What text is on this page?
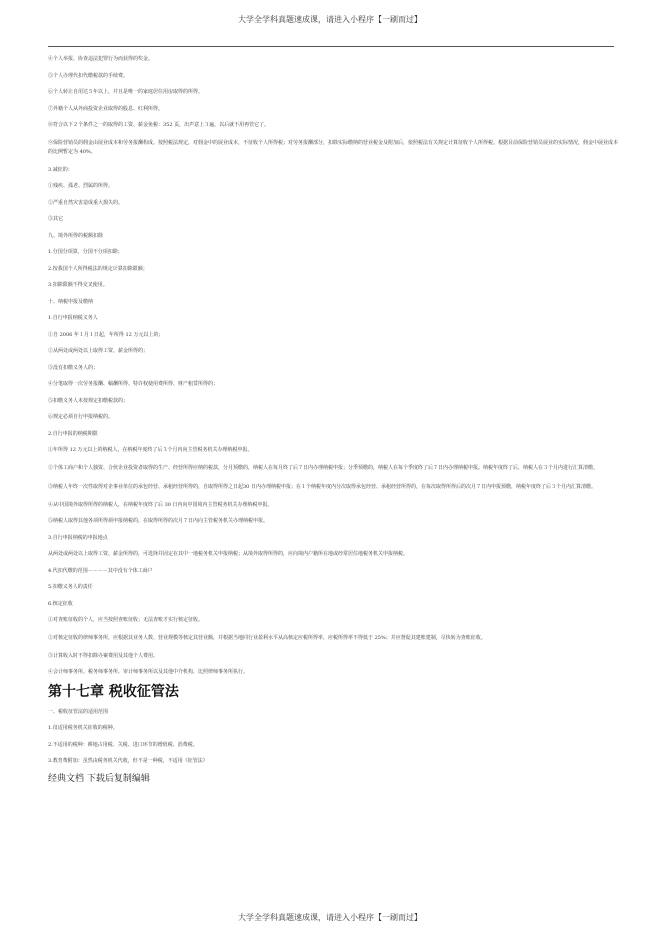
大学全学科真题速成课，请进入小程序【一刷而过】

④个人举报、协查违法犯罪行为而获得的奖金。

⑤个人办理代扣代缴税款的手续费。

⑥个人转让自用达５年以上、并且是唯一的家庭居住用房取得的所得。

⑦外籍个人从外商投资企业取得的股息、红利所得。

⑧符合以下２个条件之一的取得的工资、薪金免税：352 页，出声意上３遍，以后就不用再管它了。

⑨保险营销员的佣金由展业成本和劳务报酬构成。按照税法规定，对佣金中的展业成本，不征收个人所得税；对劳务报酬部分，扣除实际缴纳的营业税金及附加后，依照税法有关规定计算征收个人所得税。根据目前保险营销员展业的实际情况，佣金中展业成本的比例暂定为 40%。

3.减征的：

①残疾、孤老、烈属的所得。

②严重自然灾害造成重大损失的。

③其它

九、境外所得的税额扣除

1.分国分项算，分国不分项扣除；

2.按我国个人所得税法的规定计算扣除限额；

3.扣除限额不得交叉使用。

十、纳税申报及缴纳

1.自行申报纳税义务人

①自 2006 年１月１日起，年所得 12 万元以上的；

②从两处或两处以上取得工资、薪金所得的；

③没有扣缴义务人的；

④分笔取得一次劳务报酬、稿酬所得、特许权使用费所得、财产租赁所得的；

⑤扣缴义务人未按规定扣缴税款的；

⑥规定必须自行申报纳税的。

2.自行申报的纳税期限

①年所得 12 万元以上的纳税人，在纳税年度终了后３个月内向主管税务机关办理纳税申报。

②个体工商户和个人独资、合伙企业投资者取得的生产、经营所得应纳的税款，分月预缴的，纳税人在每月终了后７日内办理纳税申报；分季预缴的，纳税人在每个季度终了后７日内办理纳税申报。纳税年度终了后，纳税人在３个月内进行汇算清缴。

③纳税人年终一次性取得对企事业单位的承包经营、承租经营所得的，自取得所得之日起30 日内办理纳税申报；在１个纳税年度内分次取得承包经营、承租经营所得的，在每次取得所得后的次月７日内申报预缴，纳税年度终了后３个月内汇算清缴。

④从中国境外取得所得的纳税人，在纳税年度终了后 30 日内向中国境内主管税务机关办理纳税申报。

⑤纳税人取得其他各项所得须申报纳税的，在取得所得的次月７日内向主管税务机关办理纳税申报。

3.自行申报纳税的申报地点

从两处或两处以上取得工资、薪金所得的，可选择并固定在其中一地税务机关申报纳税；从境外取得所得的，应向境内户籍所在地或经常居住地税务机关申报纳税。

4.代扣代缴的范围－－－－其中没有个体工商户

5.扣缴义务人的责任

6.核定征收

①对查账征收的个人，应当按照查账征收；无法查账才实行核定征收。

②对核定征收的律师事务所，应根据其业务人数、营业规模等核定其营业额，并根据当地同行业盈利水平从高核定应税所得率，应税所得率不得低于 25%；并应督促其建账建制，尽快转为查账征收。

③计算收入时不得扣除办案费用及其他个人费用。

④会计师事务所、税务师事务所、审计师事务所以及其他中介机构，比照律师事务所执行。

第十七章 税收征管法

一、税收征管法的适用范围

1.仅适用税务机关征收的税种。

2.不适用的税种：耕地占用税、关税、进口环节的增值税、消费税。

3.教育费附加：虽然由税务机关代收，但不是一种税，不适用《征管法》

经典文档 下载后复制编辑

大学全学科真题速成课，请进入小程序【一刷而过】
